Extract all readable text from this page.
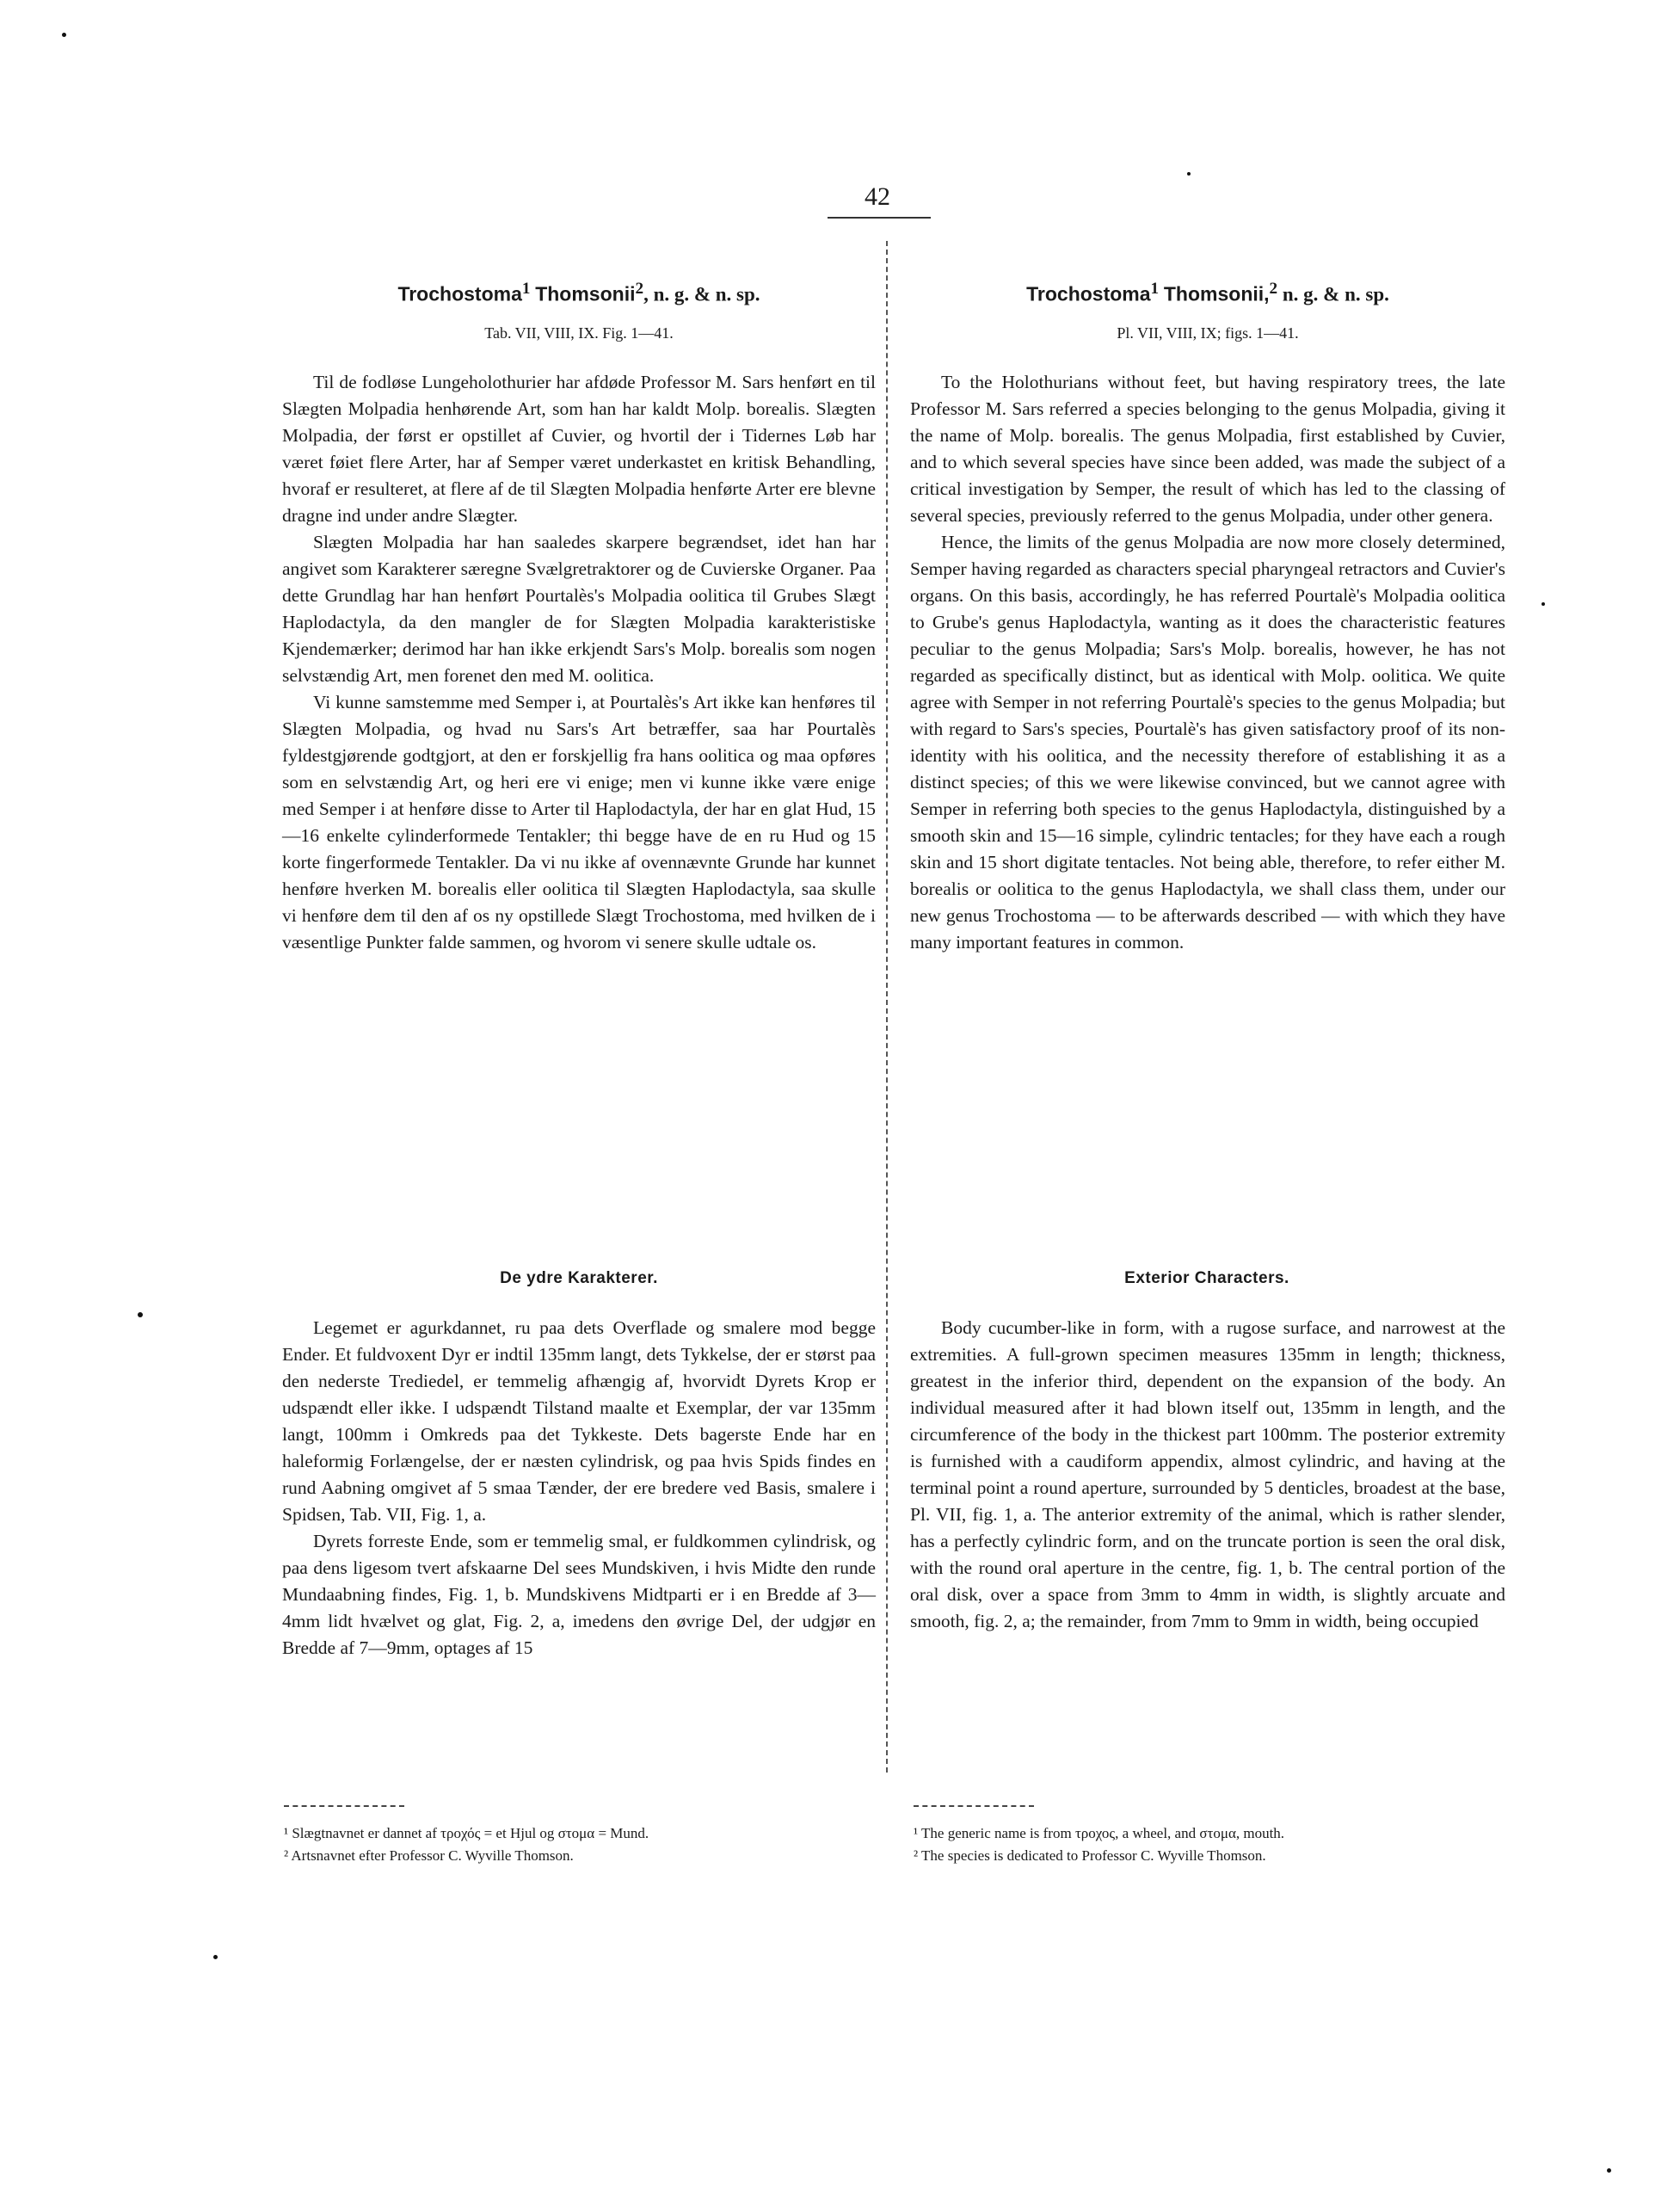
42
Trochostoma$^1$ Thomsonii$^2$, n. g. & n. sp.
Tab. VII, VIII, IX. Fig. 1—41.

Til de fodløse Lungeholothurier har afdøde Professor M. Sars henført en til Slægten Molpadia henhørende Art, som han har kaldt Molp. borealis. Slægten Molpadia, der først er opstillet af Cuvier, og hvortil der i Tidernes Løb har været føiet flere Arter, har af Semper været underkastet en kritisk Behandling, hvoraf er resulteret, at flere af de til Slægten Molpadia henførte Arter ere blevne dragne ind under andre Slægter.

Slægten Molpadia har han saaledes skarpere begrændset, idet han har angivet som Karakterer særegne Svælgretraktorer og de Cuvierske Organer. Paa dette Grundlag har han henført Pourtalès's Molpadia oolitica til Grubes Slægt Haplodactyla, da den mangler de for Slægten Molpadia karakteristiske Kjendemærker; derimod har han ikke erkjendt Sars's Molp. borealis som nogen selvstændig Art, men forenet den med M. oolitica.

Vi kunne samstemme med Semper i, at Pourtalès's Art ikke kan henføres til Slægten Molpadia, og hvad nu Sars's Art betræffer, saa har Pourtalès fyldestgjørende godtgjort, at den er forskjellig fra hans oolitica og maa opføres som en selvstændig Art, og heri ere vi enige; men vi kunne ikke være enige med Semper i at henføre disse to Arter til Haplodactyla, der har en glat Hud, 15—16 enkelte cylinderformede Tentakler; thi begge have de en ru Hud og 15 korte fingerformede Tentakler. Da vi nu ikke af ovennævnte Grunde har kunnet henføre hverken M. borealis eller oolitica til Slægten Haplodactyla, saa skulle vi henføre dem til den af os ny opstillede Slægt Trochostoma, med hvilken de i væsentlige Punkter falde sammen, og hvorom vi senere skulle udtale os.

Trochostoma$^1$ Thomsonii,$^2$ n. g. & n. sp.
Pl. VII, VIII, IX; figs. 1—41.

To the Holothurians without feet, but having respiratory trees, the late Professor M. Sars referred a species belonging to the genus Molpadia, giving it the name of Molp. borealis. The genus Molpadia, first established by Cuvier, and to which several species have since been added, was made the subject of a critical investigation by Semper, the result of which has led to the classing of several species, previously referred to the genus Molpadia, under other genera.

Hence, the limits of the genus Molpadia are now more closely determined, Semper having regarded as characters special pharyngeal retractors and Cuvier's organs. On this basis, accordingly, he has referred Pourtalè's Molpadia oolitica to Grube's genus Haplodactyla, wanting as it does the characteristic features peculiar to the genus Molpadia; Sars's Molp. borealis, however, he has not regarded as specifically distinct, but as identical with Molp. oolitica. We quite agree with Semper in not referring Pourtalè's species to the genus Molpadia; but with regard to Sars's species, Pourtalè's has given satisfactory proof of its non-identity with his oolitica, and the necessity therefore of establishing it as a distinct species; of this we were likewise convinced, but we cannot agree with Semper in referring both species to the genus Haplodactyla, distinguished by a smooth skin and 15—16 simple, cylindric tentacles; for they have each a rough skin and 15 short digitate tentacles. Not being able, therefore, to refer either M. borealis or oolitica to the genus Haplodactyla, we shall class them, under our new genus Trochostoma — to be afterwards described — with which they have many important features in common.

De ydre Karakterer.	Exterior Characters.

Legemet er agurkdannet, ru paa dets Overflade og smalere mod begge Ender. Et fuldvoxent Dyr er indtil 135mm langt, dets Tykkelse, der er størst paa den nederste Trediedel, er temmelig afhængig af, hvorvidt Dyrets Krop er udspændt eller ikke. I udspændt Tilstand maalte et Exemplar, der var 135mm langt, 100mm i Omkreds paa det Tykkeste. Dets bagerste Ende har en haleformig Forlængelse, der er næsten cylindrisk, og paa hvis Spids findes en rund Aabning omgivet af 5 smaa Tænder, der ere bredere ved Basis, smalere i Spidsen, Tab. VII, Fig. 1, a.

Dyrets forreste Ende, som er temmelig smal, er fuldkommen cylindrisk, og paa dens ligesom tvert afskaarne Del sees Mundskiven, i hvis Midte den runde Mundaabning findes, Fig. 1, b. Mundskivens Midtparti er i en Bredde af 3—4mm lidt hvælvet og glat, Fig. 2, a, imedens den øvrige Del, der udgjør en Bredde af 7—9mm, optages af 15

Body cucumber-like in form, with a rugose surface, and narrowest at the extremities. A full-grown specimen measures 135mm in length; thickness, greatest in the inferior third, dependent on the expansion of the body. An individual measured after it had blown itself out, 135mm in length, and the circumference of the body in the thickest part 100mm. The posterior extremity is furnished with a caudiform appendix, almost cylindric, and having at the terminal point a round aperture, surrounded by 5 denticles, broadest at the base, Pl. VII, fig. 1, a. The anterior extremity of the animal, which is rather slender, has a perfectly cylindric form, and on the truncate portion is seen the oral disk, with the round oral aperture in the centre, fig. 1, b. The central portion of the oral disk, over a space from 3mm to 4mm in width, is slightly arcuate and smooth, fig. 2, a; the remainder, from 7mm to 9mm in width, being occupied

¹ Slægtnavnet er dannet af τροχός = et Hjul og στομα = Mund.
² Artsnavnet efter Professor C. Wyville Thomson.
¹ The generic name is from τροχος, a wheel, and στομα, mouth.
² The species is dedicated to Professor C. Wyville Thomson.
